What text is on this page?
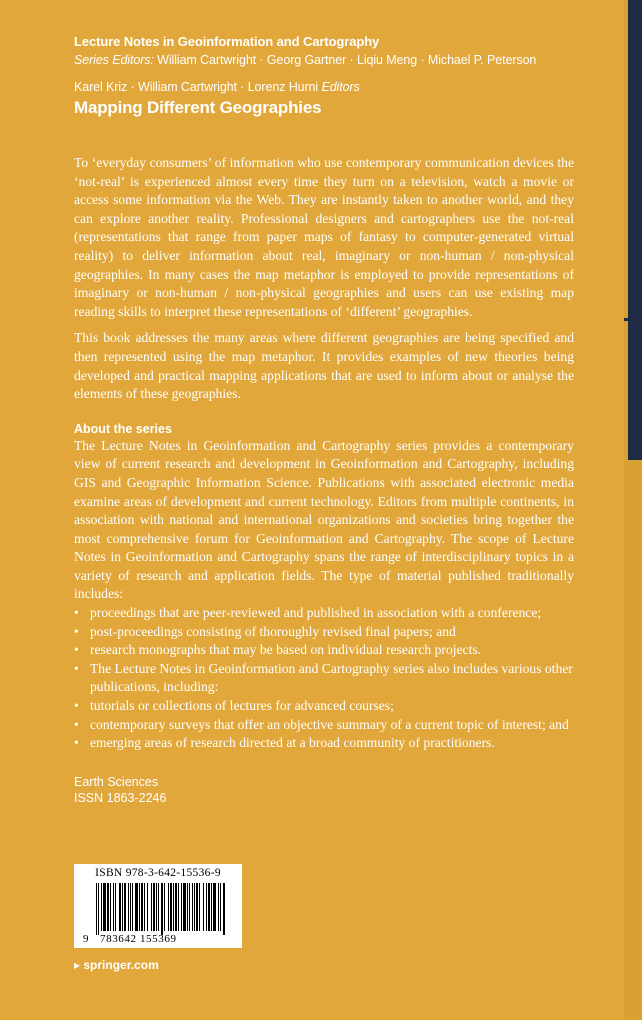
Lecture Notes in Geoinformation and Cartography
Series Editors: William Cartwright · Georg Gartner · Liqiu Meng · Michael P. Peterson
Karel Kriz · William Cartwright · Lorenz Hurni Editors
Mapping Different Geographies

To ‘everyday consumers’ of information who use contemporary communication devices the ‘not-real’ is experienced almost every time they turn on a television, watch a movie or access some information via the Web. They are instantly taken to another world, and they can explore another reality. Professional designers and cartographers use the not-real (representations that range from paper maps of fantasy to computer-generated virtual reality) to deliver information about real, imaginary or non-human / non-physical geographies. In many cases the map metaphor is employed to provide representations of imaginary or non-human / non-physical geographies and users can use existing map reading skills to interpret these representations of ‘different’ geographies.

This book addresses the many areas where different geographies are being specified and then represented using the map metaphor. It provides examples of new theories being developed and practical mapping applications that are used to inform about or analyse the elements of these geographies.

About the series

The Lecture Notes in Geoinformation and Cartography series provides a contemporary view of current research and development in Geoinformation and Cartography, including GIS and Geographic Information Science. Publications with associated electronic media examine areas of development and current technology. Editors from multiple continents, in association with national and international organizations and societies bring together the most comprehensive forum for Geoinformation and Cartography. The scope of Lecture Notes in Geoinformation and Cartography spans the range of interdisciplinary topics in a variety of research and application fields. The type of material published traditionally includes:

• proceedings that are peer-reviewed and published in association with a conference;
• post-proceedings consisting of thoroughly revised final papers; and
• research monographs that may be based on individual research projects.
• The Lecture Notes in Geoinformation and Cartography series also includes various other publications, including:
• tutorials or collections of lectures for advanced courses;
• contemporary surveys that offer an objective summary of a current topic of interest; and
• emerging areas of research directed at a broad community of practitioners.
Earth Sciences
ISSN 1863-2246
ISBN 978-3-642-15536-9
9 783642 155369
▸ springer.com
